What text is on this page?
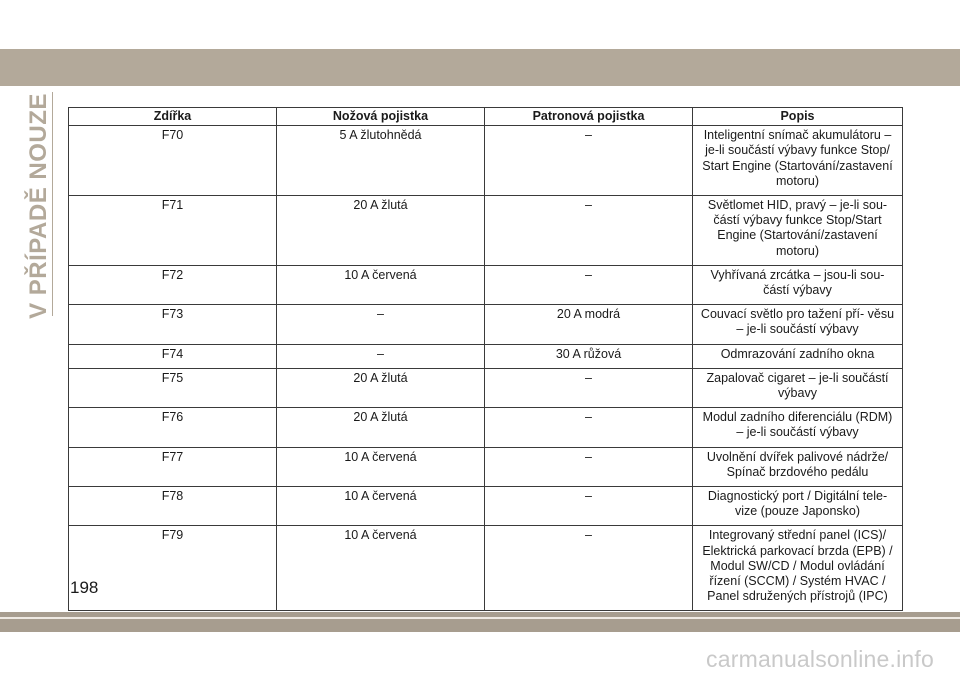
V PŘÍPADĚ NOUZE	Zdířka	Nožová pojistka	Patronová pojistka	Popis
F70	5 A žlutohnědá	–	Inteligentní snímač akumulátoru – je-li součástí výbavy funkce Stop/ Start Engine (Startování/zastavení motoru)
F71	20 A žlutá	–	Světlomet HID, pravý – je-li sou- částí výbavy funkce Stop/Start Engine (Startování/zastavení motoru)
F72	10 A červená	–	Vyhřívaná zrcátka – jsou-li sou- částí výbavy
F73	–	20 A modrá	Couvací světlo pro tažení pří- věsu – je-li součástí výbavy
F74	–	30 A růžová	Odmrazování zadního okna
F75	20 A žlutá	–	Zapalovač cigaret – je-li součástí výbavy
F76	20 A žlutá	–	Modul zadního diferenciálu (RDM) – je-li součástí výbavy
F77	10 A červená	–	Uvolnění dvířek palivové nádrže/ Spínač brzdového pedálu
F78	10 A červená	–	Diagnostický port / Digitální tele- vize (pouze Japonsko)
F79	10 A červená	–	Integrovaný střední panel (ICS)/ Elektrická parkovací brzda (EPB) / Modul SW/CD / Modul ovládání řízení (SCCM) / Systém HVAC / Panel sdružených přístrojů (IPC)
198
carmanualsonline.info
